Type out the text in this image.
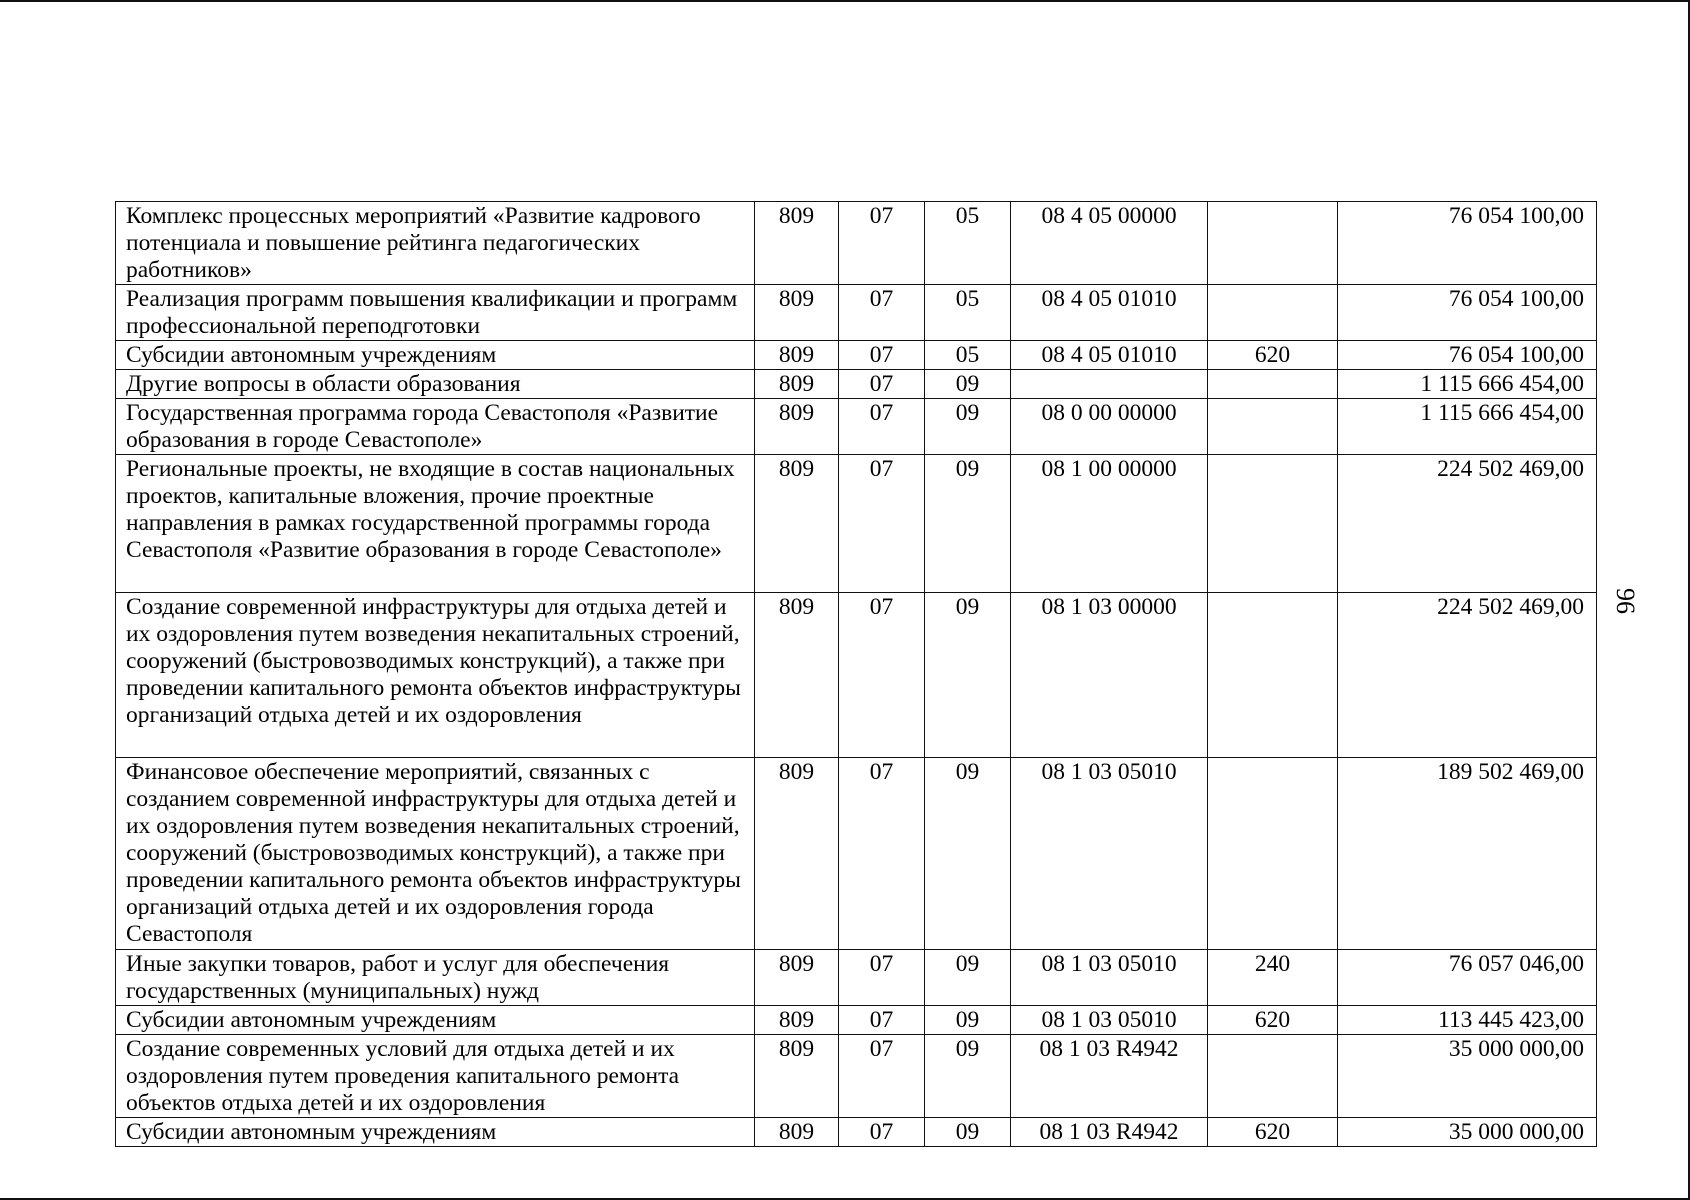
Комплекс процессных мероприятий «Развитие кадрового потенциала и повышение рейтинга педагогических работников»	809	07	05	08 4 05 00000		76 054 100,00
Реализация программ повышения квалификации и программ профессиональной переподготовки	809	07	05	08 4 05 01010		76 054 100,00
Субсидии автономным учреждениям	809	07	05	08 4 05 01010	620	76 054 100,00
Другие вопросы в области образования	809	07	09			1 115 666 454,00
Государственная программа города Севастополя «Развитие образования в городе Севастополе»	809	07	09	08 0 00 00000		1 115 666 454,00
Региональные проекты, не входящие в состав национальных проектов, капитальные вложения, прочие проектные направления в рамках государственной программы города Севастополя «Развитие образования в городе Севастополе»	809	07	09	08 1 00 00000		224 502 469,00
Создание современной инфраструктуры для отдыха детей и их оздоровления путем возведения некапитальных строений, сооружений (быстровозводимых конструкций), а также при проведении капитального ремонта объектов инфраструктуры организаций отдыха детей и их оздоровления	809	07	09	08 1 03 00000		224 502 469,00
Финансовое обеспечение мероприятий, связанных с созданием современной инфраструктуры для отдыха детей и их оздоровления путем возведения некапитальных строений, сооружений (быстровозводимых конструкций), а также при проведении капитального ремонта объектов инфраструктуры организаций отдыха детей и их оздоровления города Севастополя	809	07	09	08 1 03 05010		189 502 469,00
Иные закупки товаров, работ и услуг для обеспечения государственных (муниципальных) нужд	809	07	09	08 1 03 05010	240	76 057 046,00
Субсидии автономным учреждениям	809	07	09	08 1 03 05010	620	113 445 423,00
Создание современных условий для отдыха детей и их оздоровления путем проведения капитального ремонта объектов отдыха детей и их оздоровления	809	07	09	08 1 03 R4942		35 000 000,00
Субсидии автономным учреждениям	809	07	09	08 1 03 R4942	620	35 000 000,00
96
